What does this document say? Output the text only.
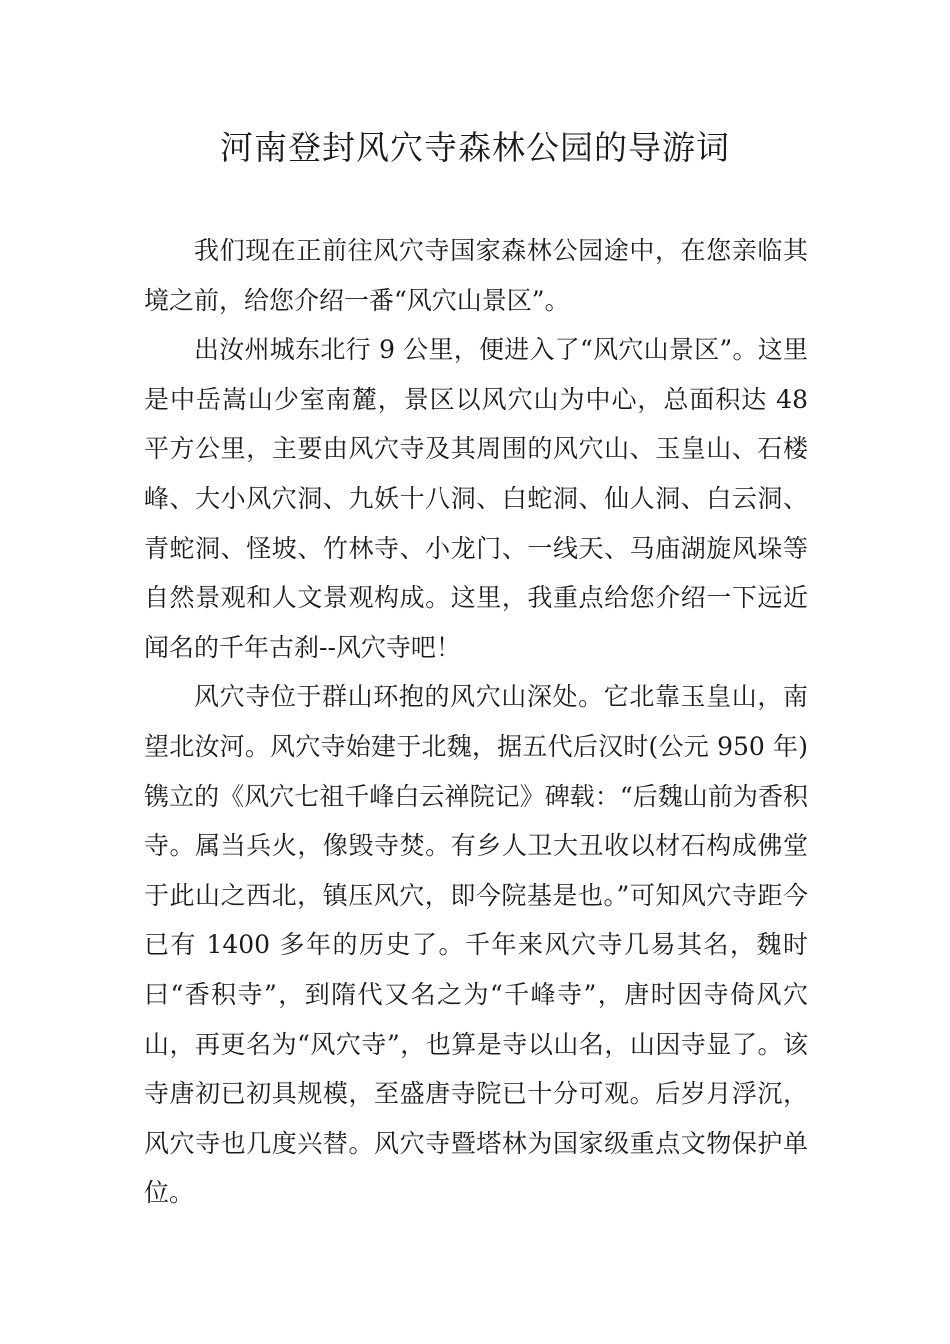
河南登封风穴寺森林公园的导游词

我们现在正前往风穴寺国家森林公园途中，在您亲临其境之前，给您介绍一番“风穴山景区”。

出汝州城东北行 9 公里，便进入了“风穴山景区”。这里是中岳嵩山少室南麓，景区以风穴山为中心，总面积达 48 平方公里，主要由风穴寺及其周围的风穴山、玉皇山、石楼峰、大小风穴洞、九妖十八洞、白蛇洞、仙人洞、白云洞、青蛇洞、怪坡、竹林寺、小龙门、一线天、马庙湖旋风垛等自然景观和人文景观构成。这里，我重点给您介绍一下远近闻名的千年古刹--风穴寺吧！

风穴寺位于群山环抱的风穴山深处。它北靠玉皇山，南望北汝河。风穴寺始建于北魏，据五代后汉时(公元 950 年)镌立的《风穴七祖千峰白云禅院记》碑载：“后魏山前为香积寺。属当兵火，像毁寺焚。有乡人卫大丑收以材石构成佛堂于此山之西北，镇压风穴，即今院基是也。”可知风穴寺距今已有 1400 多年的历史了。千年来风穴寺几易其名，魏时曰“香积寺”，到隋代又名之为“千峰寺”，唐时因寺倚风穴山，再更名为“风穴寺”，也算是寺以山名，山因寺显了。该寺唐初已初具规模，至盛唐寺院已十分可观。后岁月浮沉，风穴寺也几度兴替。风穴寺暨塔林为国家级重点文物保护单位。
